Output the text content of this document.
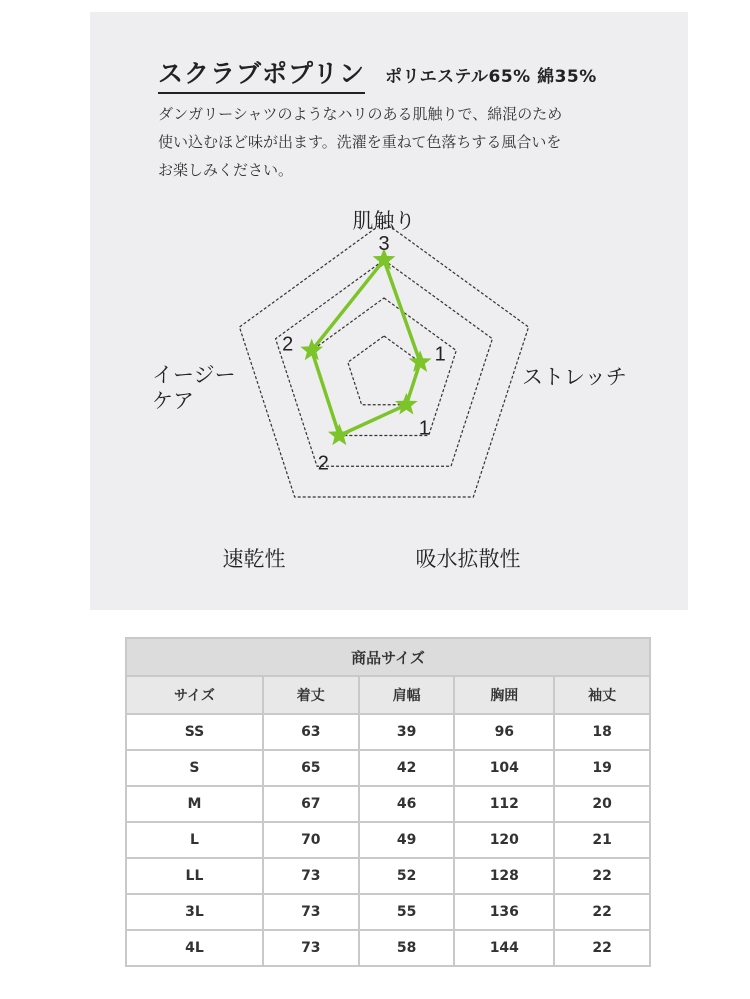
スクラブポプリン ポリエステル65% 綿35%
ダンガリーシャツのようなハリのある肌触りで、綿混のため
使い込むほど味が出ます。洗濯を重ねて色落ちする風合いを
お楽しみください。
3
1
1
2
2
肌触り
ストレッチ
吸水拡散性
速乾性
イージーケア
商品サイズ				
サイズ	着丈	肩幅	胸囲	袖丈
SS	63	39	96	18
S	65	42	104	19
M	67	46	112	20
L	70	49	120	21
LL	73	52	128	22
3L	73	55	136	22
4L	73	58	144	22
